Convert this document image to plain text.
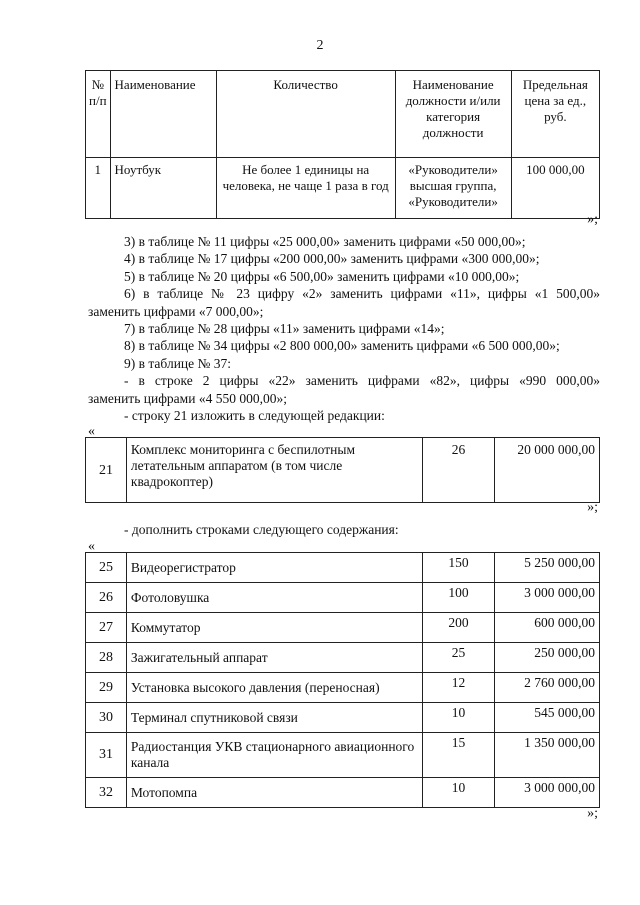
2
№ п/п	Наименование	Количество	Наименование должности и/или категория должности	Предельная цена за ед., руб.
1	Ноутбук	Не более 1 единицы на человека, не чаще 1 раза в год	«Руководители» высшая группа, «Руководители»	100 000,00
»;
3) в таблице № 11 цифры «25 000,00» заменить цифрами «50 000,00»;
4) в таблице № 17 цифры «200 000,00» заменить цифрами «300 000,00»;
5) в таблице № 20 цифры «6 500,00» заменить цифрами «10 000,00»;
6) в таблице № 23 цифру «2» заменить цифрами «11», цифры «1 500,00»
заменить цифрами «7 000,00»;
7) в таблице № 28 цифры «11» заменить цифрами «14»;
8) в таблице № 34 цифры «2 800 000,00» заменить цифрами «6 500 000,00»;
9) в таблице № 37:
- в строке 2 цифры «22» заменить цифрами «82», цифры «990 000,00»
заменить цифрами «4 550 000,00»;
- строку 21 изложить в следующей редакции:
«
21	Комплекс мониторинга с беспилотным летательным аппаратом (в том числе квадрокоптер)	26	20 000 000,00
»;
- дополнить строками следующего содержания:
«
25	Видеорегистратор	150	5 250 000,00
26	Фотоловушка	100	3 000 000,00
27	Коммутатор	200	600 000,00
28	Зажигательный аппарат	25	250 000,00
29	Установка высокого давления (переносная)	12	2 760 000,00
30	Терминал спутниковой связи	10	545 000,00
31	Радиостанция УКВ стационарного авиационного канала	15	1 350 000,00
32	Мотопомпа	10	3 000 000,00
»;
